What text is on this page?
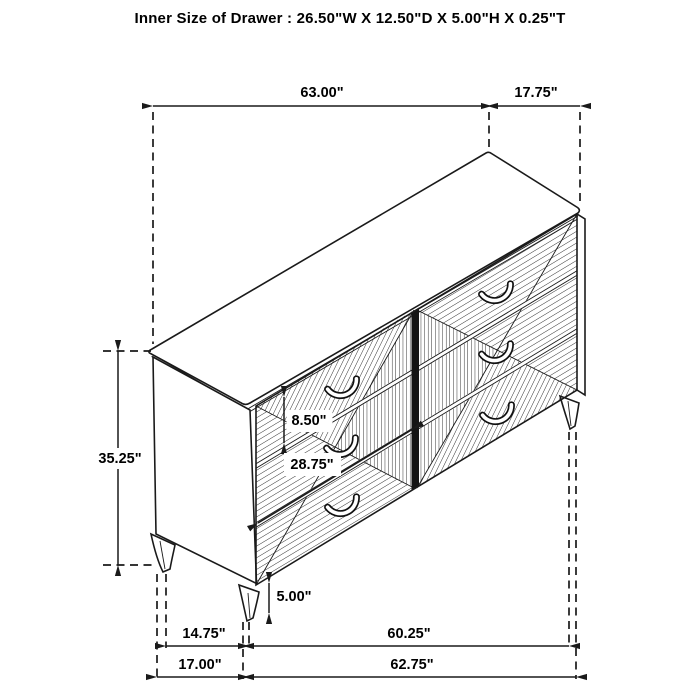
Inner Size of Drawer : 26.50"W X 12.50"D X 5.00"H X 0.25"T
63.00"	17.75"
35.25"
8.50"
28.75"
5.00"
14.75"	60.25"
17.00"	62.75"
